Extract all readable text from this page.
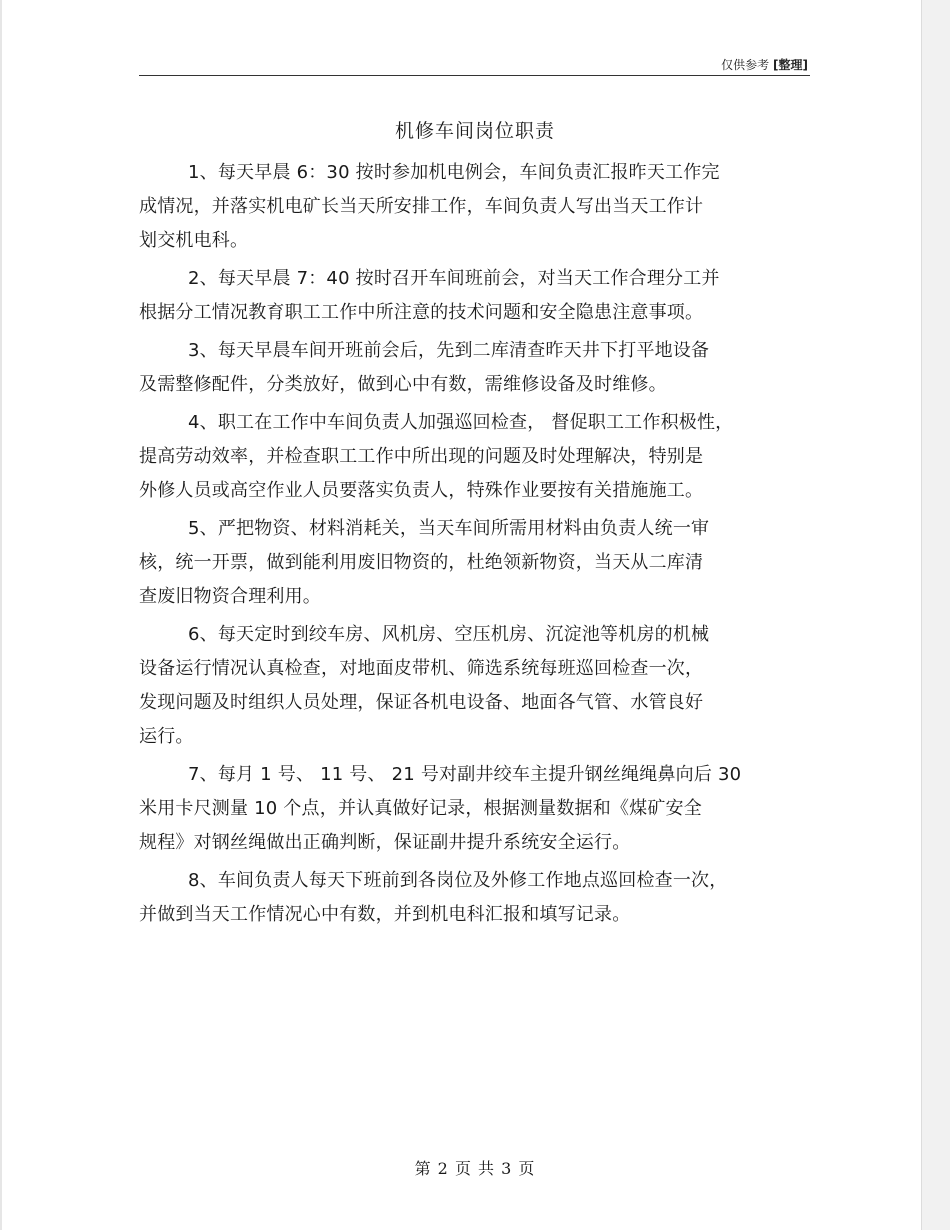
仅供参考 [整理]
机修车间岗位职责
1、每天早晨 6：30 按时参加机电例会，车间负责汇报昨天工作完
成情况，并落实机电矿长当天所安排工作，车间负责人写出当天工作计
划交机电科。
2、每天早晨 7：40 按时召开车间班前会，对当天工作合理分工并
根据分工情况教育职工工作中所注意的技术问题和安全隐患注意事项。
3、每天早晨车间开班前会后，先到二库清查昨天井下打平地设备
及需整修配件，分类放好，做到心中有数，需维修设备及时维修。
4、职工在工作中车间负责人加强巡回检查， 督促职工工作积极性，
提高劳动效率，并检查职工工作中所出现的问题及时处理解决，特别是
外修人员或高空作业人员要落实负责人，特殊作业要按有关措施施工。
5、严把物资、材料消耗关，当天车间所需用材料由负责人统一审
核，统一开票，做到能利用废旧物资的，杜绝领新物资，当天从二库清
查废旧物资合理利用。
6、每天定时到绞车房、风机房、空压机房、沉淀池等机房的机械
设备运行情况认真检查，对地面皮带机、筛选系统每班巡回检查一次，
发现问题及时组织人员处理，保证各机电设备、地面各气管、水管良好
运行。
7、每月 1 号、 11 号、 21 号对副井绞车主提升钢丝绳绳鼻向后 30
米用卡尺测量 10 个点，并认真做好记录，根据测量数据和《煤矿安全
规程》对钢丝绳做出正确判断，保证副井提升系统安全运行。
8、车间负责人每天下班前到各岗位及外修工作地点巡回检查一次，
并做到当天工作情况心中有数，并到机电科汇报和填写记录。
第 2 页 共 3 页
